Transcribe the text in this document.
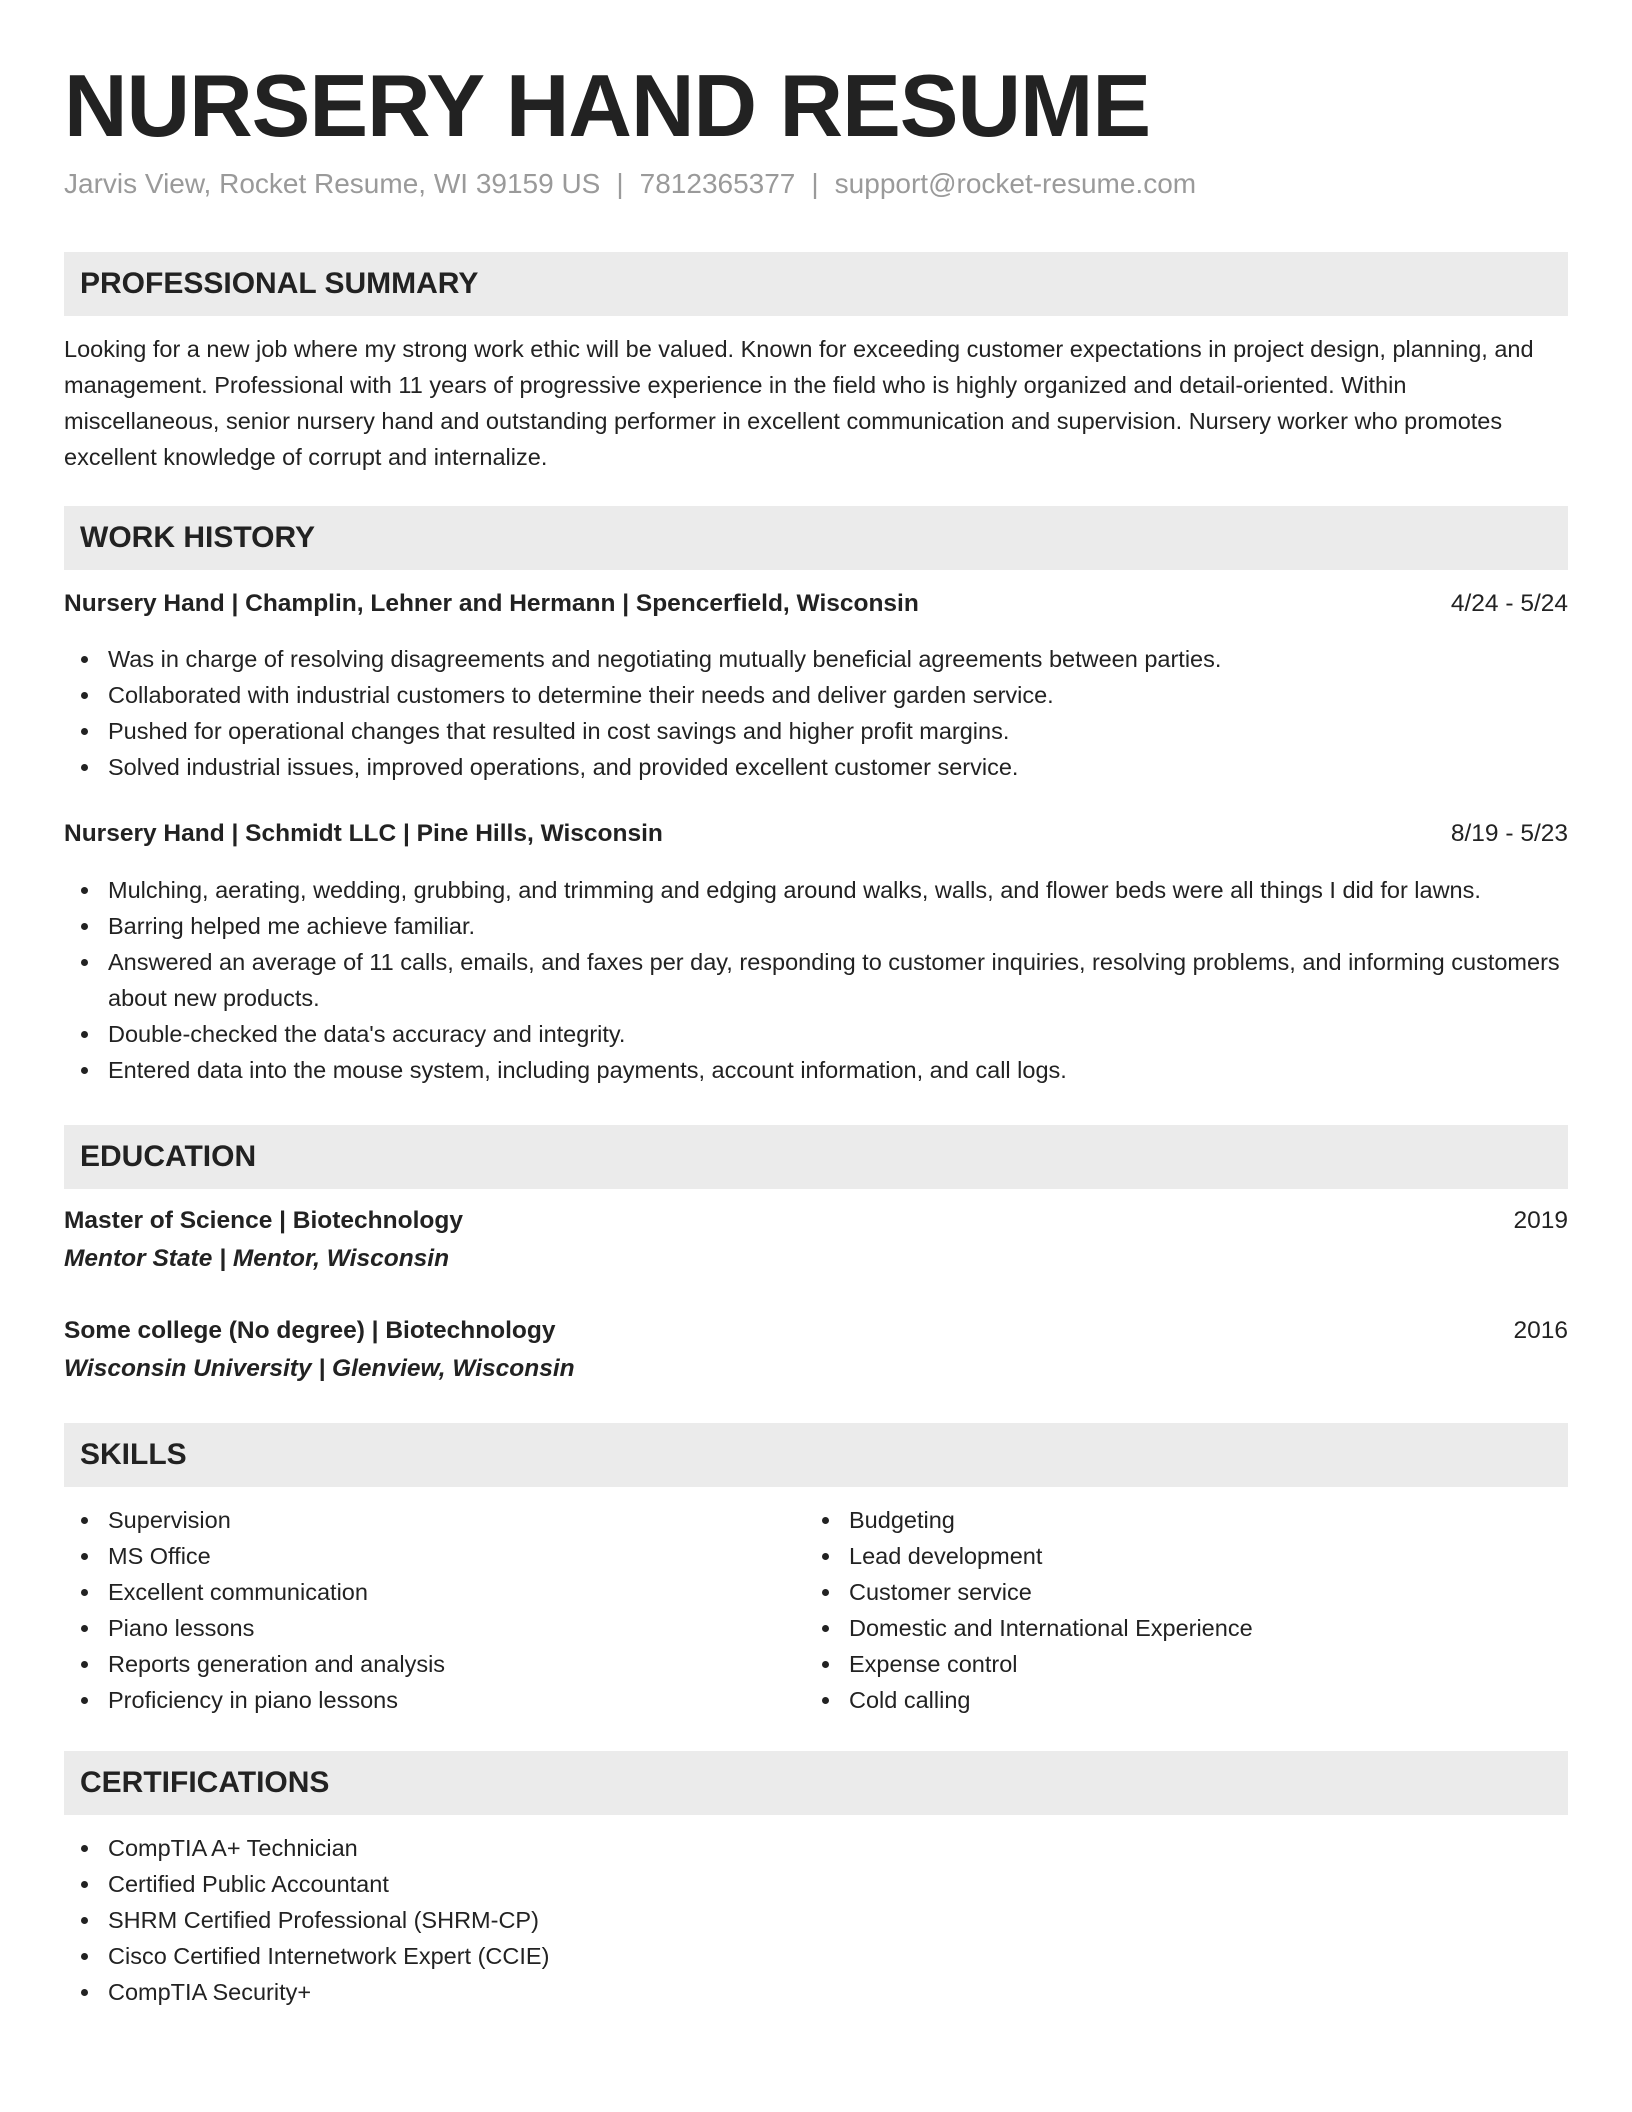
NURSERY HAND RESUME
Jarvis View, Rocket Resume, WI 39159 US | 7812365377 | support@rocket-resume.com
PROFESSIONAL SUMMARY

Looking for a new job where my strong work ethic will be valued. Known for exceeding customer expectations in project design, planning, and management. Professional with 11 years of progressive experience in the field who is highly organized and detail-oriented. Within miscellaneous, senior nursery hand and outstanding performer in excellent communication and supervision. Nursery worker who promotes excellent knowledge of corrupt and internalize.

WORK HISTORY
Nursery Hand | Champlin, Lehner and Hermann | Spencerfield, Wisconsin	4/24 - 5/24
Was in charge of resolving disagreements and negotiating mutually beneficial agreements between parties.
Collaborated with industrial customers to determine their needs and deliver garden service.
Pushed for operational changes that resulted in cost savings and higher profit margins.
Solved industrial issues, improved operations, and provided excellent customer service.
Nursery Hand | Schmidt LLC | Pine Hills, Wisconsin	8/19 - 5/23
Mulching, aerating, wedding, grubbing, and trimming and edging around walks, walls, and flower beds were all things I did for lawns.
Barring helped me achieve familiar.
Answered an average of 11 calls, emails, and faxes per day, responding to customer inquiries, resolving problems, and informing customers about new products.
Double-checked the data's accuracy and integrity.
Entered data into the mouse system, including payments, account information, and call logs.
EDUCATION
Master of Science | Biotechnology	2019
Mentor State | Mentor, Wisconsin
Some college (No degree) | Biotechnology	2016
Wisconsin University | Glenview, Wisconsin
SKILLS
Supervision
MS Office
Excellent communication
Piano lessons
Reports generation and analysis
Proficiency in piano lessons
Budgeting
Lead development
Customer service
Domestic and International Experience
Expense control
Cold calling
CERTIFICATIONS
CompTIA A+ Technician
Certified Public Accountant
SHRM Certified Professional (SHRM-CP)
Cisco Certified Internetwork Expert (CCIE)
CompTIA Security+
